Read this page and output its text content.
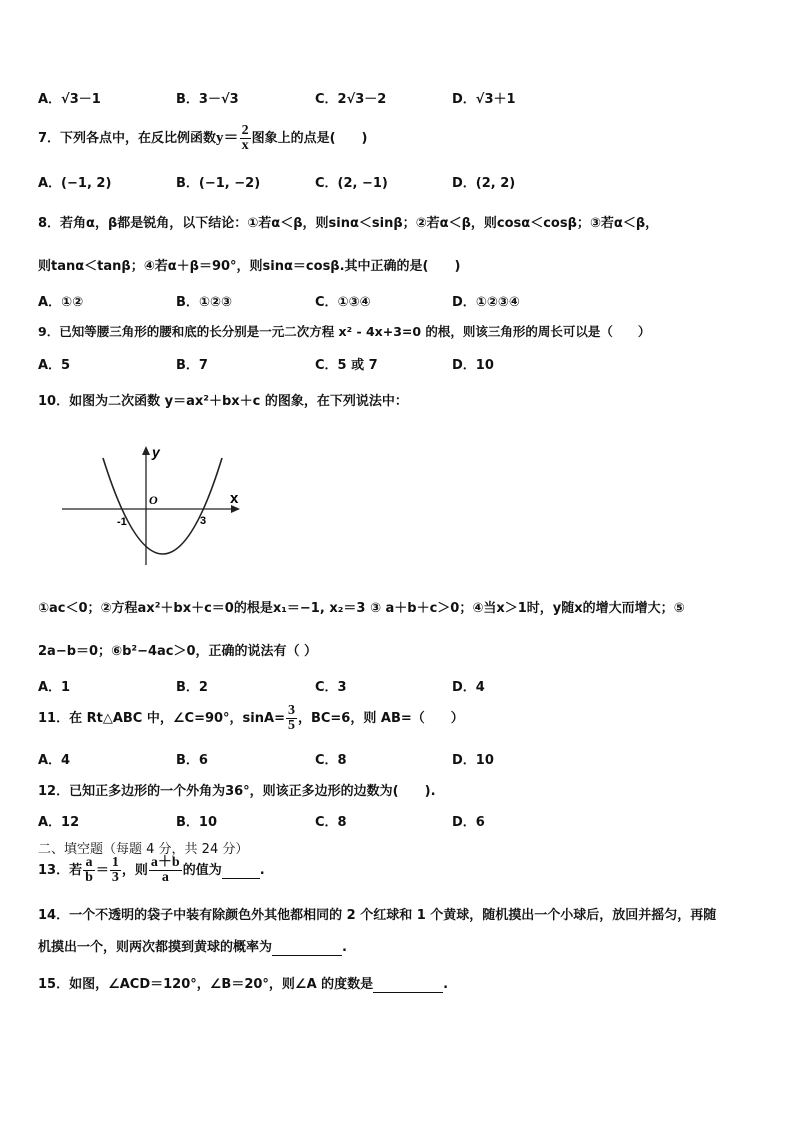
A．√3－1	B．3－√3	C．2√3－2	D．√3＋1
7．下列各点中，在反比例函数$y= \frac{2}{x}$ 图象上的点是(　　)
A．(−1, 2)	B．(−1, −2)	C．(2, −1)	D．(2, 2)
8．若角α，β都是锐角，以下结论：①若α＜β，则sinα＜sinβ；②若α＜β，则cosα＜cosβ；③若α＜β，
则tanα＜tanβ；④若α＋β＝90°，则sinα＝cosβ.其中正确的是(　　)
A．①②	B．①②③	C．①③④	D．①②③④
9．已知等腰三角形的腰和底的长分别是一元二次方程 x² - 4x+3=0 的根，则该三角形的周长可以是（　　）
A．5	B．7	C．5 或 7	D．10
10．如图为二次函数 y＝ax²＋bx＋c 的图象，在下列说法中：
y
x
O
-1	3
①ac＜0；②方程ax²＋bx＋c＝0的根是x₁＝−1, x₂＝3 ③ a＋b＋c＞0；④当x＞1时，y随x的增大而增大；⑤
2a−b＝0；⑥b²−4ac＞0，正确的说法有（ ）
A．1	B．2	C．3	D．4
11．在 Rt△ABC 中，∠C=90°，$\sin A= \frac{3}{5}$ ，BC=6，则 AB=（　　）
A．4	B．6	C．8	D．10
12．已知正多边形的一个外角为36°，则该正多边形的边数为(　　).
A．12	B．10	C．8	D．6
二、填空题（每题 4 分，共 24 分）
13．若 $\frac{a}{b} = \frac{1}{3}$ ，则 $\frac{a+b}{a}$ 的值为	.
14．一个不透明的袋子中装有除颜色外其他都相同的 2 个红球和 1 个黄球，随机摸出一个小球后，放回并摇匀，再随
机摸出一个，则两次都摸到黄球的概率为	.
15．如图，∠ACD＝120°，∠B＝20°，则∠A 的度数是	.
